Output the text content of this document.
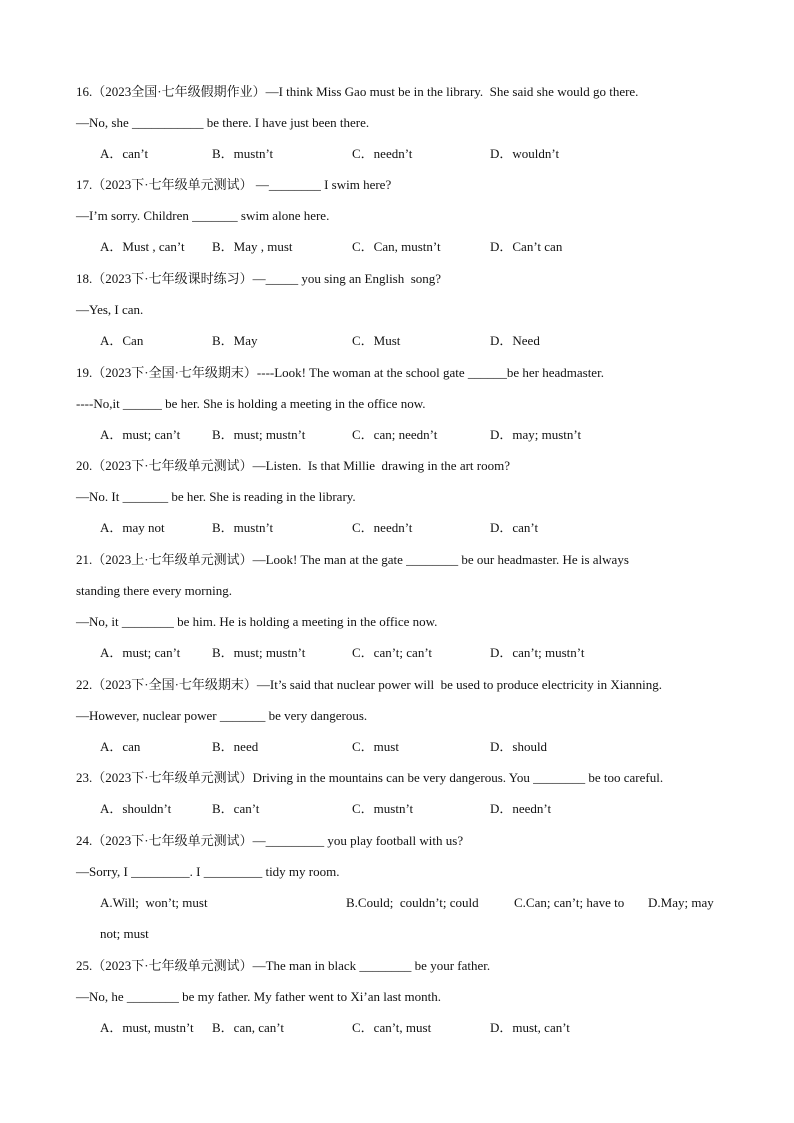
16.（2023全国·七年级假期作业）—I think Miss Gao must be in the library.  She said she would go there.
—No, she ___________ be there. I have just been there.
A．can’t	B．mustn’t	C．needn’t	D．wouldn’t
17.（2023下·七年级单元测试） —________ I swim here?
—I’m sorry. Children _______ swim alone here.
A．Must , can’t B．May , must	C．Can, mustn’t	D．Can’t can
18.（2023下·七年级课时练习）—_____ you sing an English  song?
—Yes, I can.
A．Can	B．May	C．Must	D．Need
19.（2023下·全国·七年级期末）----Look! The woman at the school gate ______be her headmaster.
----No,it ______ be her. She is holding a meeting in the office now.
A．must; can’t B．must; mustn’t	C．can; needn’t	D．may; mustn’t
20.（2023下·七年级单元测试）—Listen.  Is that Millie  drawing in the art room?
—No. It _______ be her. She is reading in the library.
A．may not	B．mustn’t	C．needn’t	D．can’t
21.（2023上·七年级单元测试）—Look! The man at the gate ________ be our headmaster. He is always
standing there every morning.
—No, it ________ be him. He is holding a meeting in the office now.
A．must; can’t B．must; mustn’t	C．can’t; can’t	D．can’t; mustn’t
22.（2023下·全国·七年级期末）—It’s said that nuclear power will  be used to produce electricity in Xianning.
—However, nuclear power _______ be very dangerous.
A．can	B．need	C．must	D．should
23.（2023下·七年级单元测试）Driving in the mountains can be very dangerous. You ________ be too careful.
A．shouldn’t	B．can’t	C．mustn’t	D．needn’t
24.（2023下·七年级单元测试）—_________ you play football with us?
—Sorry, I _________. I _________ tidy my room.
A.Will;  won’t; must	B.Could;  couldn’t; could	C.Can; can’t; have to D.May; may
not; must
25.（2023下·七年级单元测试）—The man in black ________ be your father.
—No, he ________ be my father. My father went to Xi’an last month.
A．must, mustn’t B．can, can’t	C．can’t, must	D．must, can’t
